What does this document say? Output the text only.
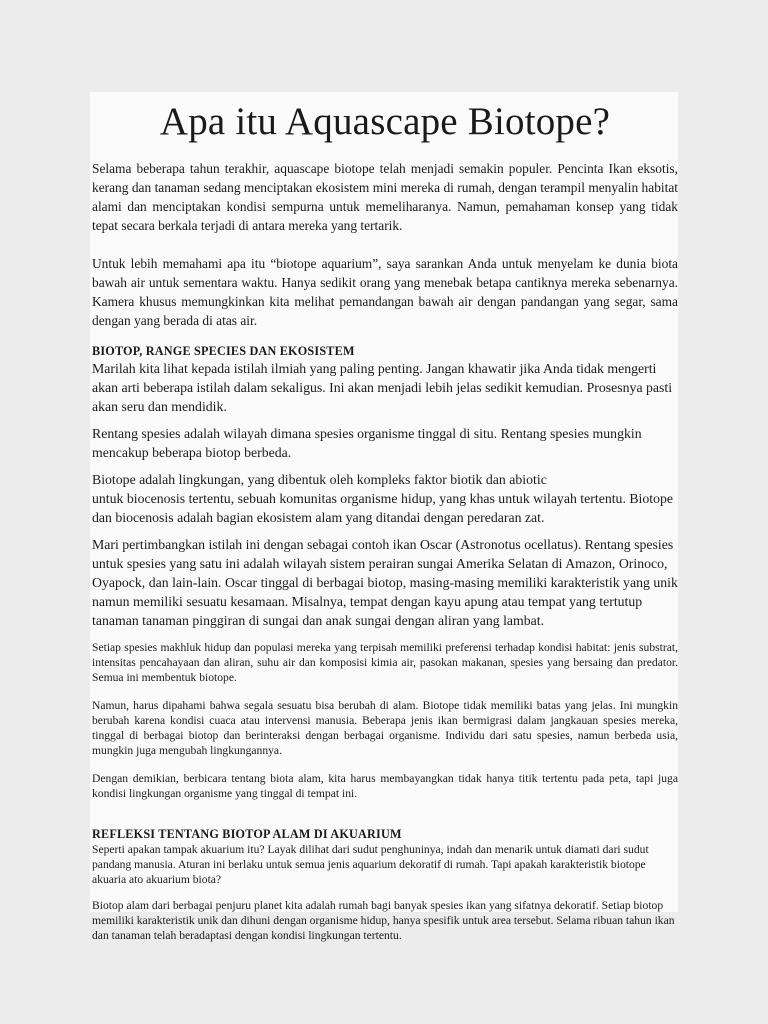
Apa itu Aquascape Biotope?

Selama beberapa tahun terakhir, aquascape biotope telah menjadi semakin populer. Pencinta Ikan eksotis, kerang dan tanaman sedang menciptakan ekosistem mini mereka di rumah, dengan terampil menyalin habitat alami dan menciptakan kondisi sempurna untuk memeliharanya. Namun, pemahaman konsep yang tidak tepat secara berkala terjadi di antara mereka yang tertarik.

Untuk lebih memahami apa itu “biotope aquarium”, saya sarankan Anda untuk menyelam ke dunia biota bawah air untuk sementara waktu. Hanya sedikit orang yang menebak betapa cantiknya mereka sebenarnya. Kamera khusus memungkinkan kita melihat pemandangan bawah air dengan pandangan yang segar, sama dengan yang berada di atas air.

BIOTOP, RANGE SPECIES DAN EKOSISTEM

Marilah kita lihat kepada istilah ilmiah yang paling penting. Jangan khawatir jika Anda tidak mengerti akan arti beberapa istilah dalam sekaligus. Ini akan menjadi lebih jelas sedikit kemudian. Prosesnya pasti akan seru dan mendidik.

Rentang spesies adalah wilayah dimana spesies organisme tinggal di situ. Rentang spesies mungkin mencakup beberapa biotop berbeda.

Biotope adalah lingkungan, yang dibentuk oleh kompleks faktor biotik dan abiotic
untuk biocenosis tertentu, sebuah komunitas organisme hidup, yang khas untuk wilayah tertentu. Biotope dan biocenosis adalah bagian ekosistem alam yang ditandai dengan peredaran zat.

Mari pertimbangkan istilah ini dengan sebagai contoh ikan Oscar (Astronotus ocellatus). Rentang spesies untuk spesies yang satu ini adalah wilayah sistem perairan sungai Amerika Selatan di Amazon, Orinoco, Oyapock, dan lain-lain. Oscar tinggal di berbagai biotop, masing-masing memiliki karakteristik yang unik namun memiliki sesuatu kesamaan. Misalnya, tempat dengan kayu apung atau tempat yang tertutup tanaman tanaman pinggiran di sungai dan anak sungai dengan aliran yang lambat.

Setiap spesies makhluk hidup dan populasi mereka yang terpisah memiliki preferensi terhadap kondisi habitat: jenis substrat, intensitas pencahayaan dan aliran, suhu air dan komposisi kimia air, pasokan makanan, spesies yang bersaing dan predator. Semua ini membentuk biotope.

Namun, harus dipahami bahwa segala sesuatu bisa berubah di alam. Biotope tidak memiliki batas yang jelas. Ini mungkin berubah karena kondisi cuaca atau intervensi manusia. Beberapa jenis ikan bermigrasi dalam jangkauan spesies mereka, tinggal di berbagai biotop dan berinteraksi dengan berbagai organisme. Individu dari satu spesies, namun berbeda usia, mungkin juga mengubah lingkungannya.

Dengan demikian, berbicara tentang biota alam, kita harus membayangkan tidak hanya titik tertentu pada peta, tapi juga kondisi lingkungan organisme yang tinggal di tempat ini.

REFLEKSI TENTANG BIOTOP ALAM DI AKUARIUM

Seperti apakan tampak akuarium itu? Layak dilihat dari sudut penghuninya, indah dan menarik untuk diamati dari sudut pandang manusia. Aturan ini berlaku untuk semua jenis aquarium dekoratif di rumah. Tapi apakah karakteristik biotope akuaria ato akuarium biota?

Biotop alam dari berbagai penjuru planet kita adalah rumah bagi banyak spesies ikan yang sifatnya dekoratif. Setiap biotop memiliki karakteristik unik dan dihuni dengan organisme hidup, hanya spesifik untuk area tersebut. Selama ribuan tahun ikan dan tanaman telah beradaptasi dengan kondisi lingkungan tertentu.
